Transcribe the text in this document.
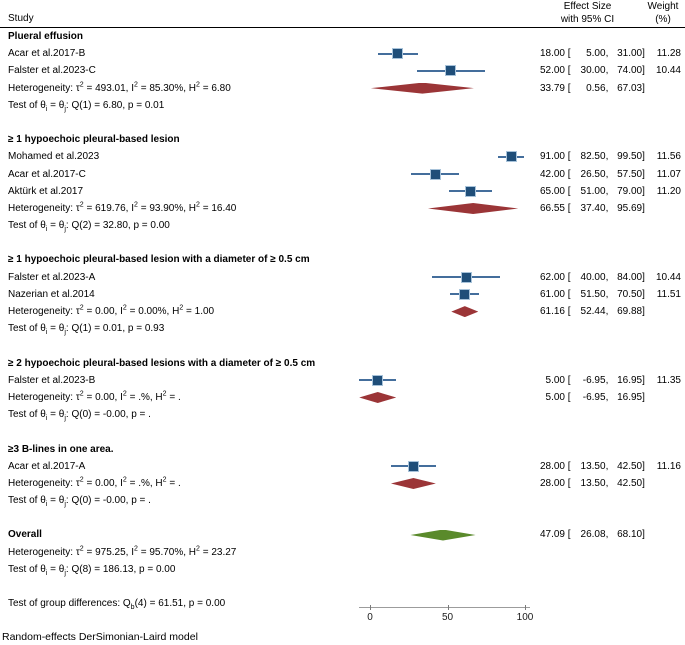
Study
Effect Size
with 95% CI
Weight
(%)
Plueral effusion
Acar et al.2017-B	18.00 [ 5.00, 31.00]	11.28
Falster et al.2023-C	52.00 [ 30.00, 74.00]	10.44
Heterogeneity: $\tau^2 = 493.01$, $I^2 = 85.30\%$, $H^2 = 6.80$	33.79 [ 0.56, 67.03]
Test of $\theta_i = \theta_j$: Q(1) = 6.80, p = 0.01
≥ 1 hypoechoic pleural-based lesion
Mohamed et al.2023	91.00 [ 82.50, 99.50]	11.56
Acar et al.2017-C	42.00 [ 26.50, 57.50]	11.07
Aktürk et al.2017	65.00 [ 51.00, 79.00]	11.20
Heterogeneity: $\tau^2 = 619.76$, $I^2 = 93.90\%$, $H^2 = 16.40$	66.55 [ 37.40, 95.69]
Test of $\theta_i = \theta_j$: Q(2) = 32.80, p = 0.00
≥ 1 hypoechoic pleural-based lesion with a diameter of ≥ 0.5 cm
Falster et al.2023-A	62.00 [ 40.00, 84.00]	10.44
Nazerian et al.2014	61.00 [ 51.50, 70.50]	11.51
Heterogeneity: $\tau^2 = 0.00$, $I^2 = 0.00\%$, $H^2 = 1.00$	61.16 [ 52.44, 69.88]
Test of $\theta_i = \theta_j$: Q(1) = 0.01, p = 0.93
≥ 2 hypoechoic pleural-based lesions with a diameter of ≥ 0.5 cm
Falster et al.2023-B	5.00 [ -6.95, 16.95]	11.35
Heterogeneity: $\tau^2 = 0.00$, $I^2$ = .%, $H^2$ = .	5.00 [ -6.95, 16.95]
Test of $\theta_i = \theta_j$: Q(0) = -0.00, p = .
≥3 B-lines in one area.
Acar et al.2017-A	28.00 [ 13.50, 42.50]	11.16
Heterogeneity: $\tau^2 = 0.00$, $I^2$ = .%, $H^2$ = .	28.00 [ 13.50, 42.50]
Test of $\theta_i = \theta_j$: Q(0) = -0.00, p = .
Overall	47.09 [ 26.08, 68.10]
Heterogeneity: $\tau^2 = 975.25$, $I^2 = 95.70\%$, $H^2 = 23.27$
Test of $\theta_i = \theta_j$: Q(8) = 186.13, p = 0.00
Test of group differences: $Q_b(4) = 61.51$, p = 0.00
0	50	100
Random-effects DerSimonian-Laird model
